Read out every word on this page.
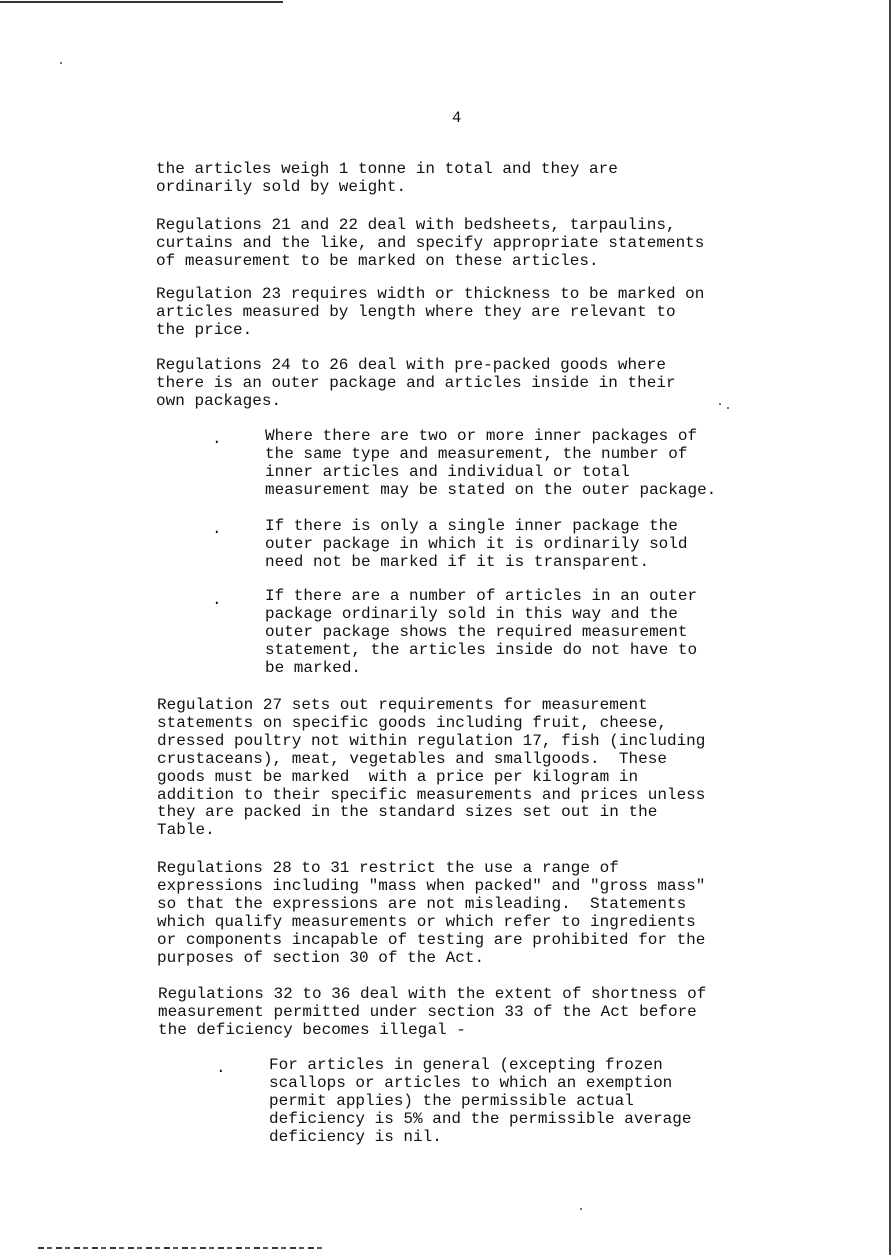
4

the articles weigh 1 tonne in total and they are
ordinarily sold by weight.

Regulations 21 and 22 deal with bedsheets, tarpaulins,
curtains and the like, and specify appropriate statements
of measurement to be marked on these articles.

Regulation 23 requires width or thickness to be marked on
articles measured by length where they are relevant to
the price.

Regulations 24 to 26 deal with pre-packed goods where
there is an outer package and articles inside in their
own packages.

.	Where there are two or more inner packages of
the same type and measurement, the number of
inner articles and individual or total
measurement may be stated on the outer package.

.	If there is only a single inner package the
outer package in which it is ordinarily sold
need not be marked if it is transparent.

.	If there are a number of articles in an outer
package ordinarily sold in this way and the
outer package shows the required measurement
statement, the articles inside do not have to
be marked.

Regulation 27 sets out requirements for measurement
statements on specific goods including fruit, cheese,
dressed poultry not within regulation 17, fish (including
crustaceans), meat, vegetables and smallgoods.  These
goods must be marked  with a price per kilogram in
addition to their specific measurements and prices unless
they are packed in the standard sizes set out in the
Table.

Regulations 28 to 31 restrict the use a range of
expressions including "mass when packed" and "gross mass"
so that the expressions are not misleading.  Statements
which qualify measurements or which refer to ingredients
or components incapable of testing are prohibited for the
purposes of section 30 of the Act.

Regulations 32 to 36 deal with the extent of shortness of
measurement permitted under section 33 of the Act before
the deficiency becomes illegal -

.	For articles in general (excepting frozen
scallops or articles to which an exemption
permit applies) the permissible actual
deficiency is 5% and the permissible average
deficiency is nil.
